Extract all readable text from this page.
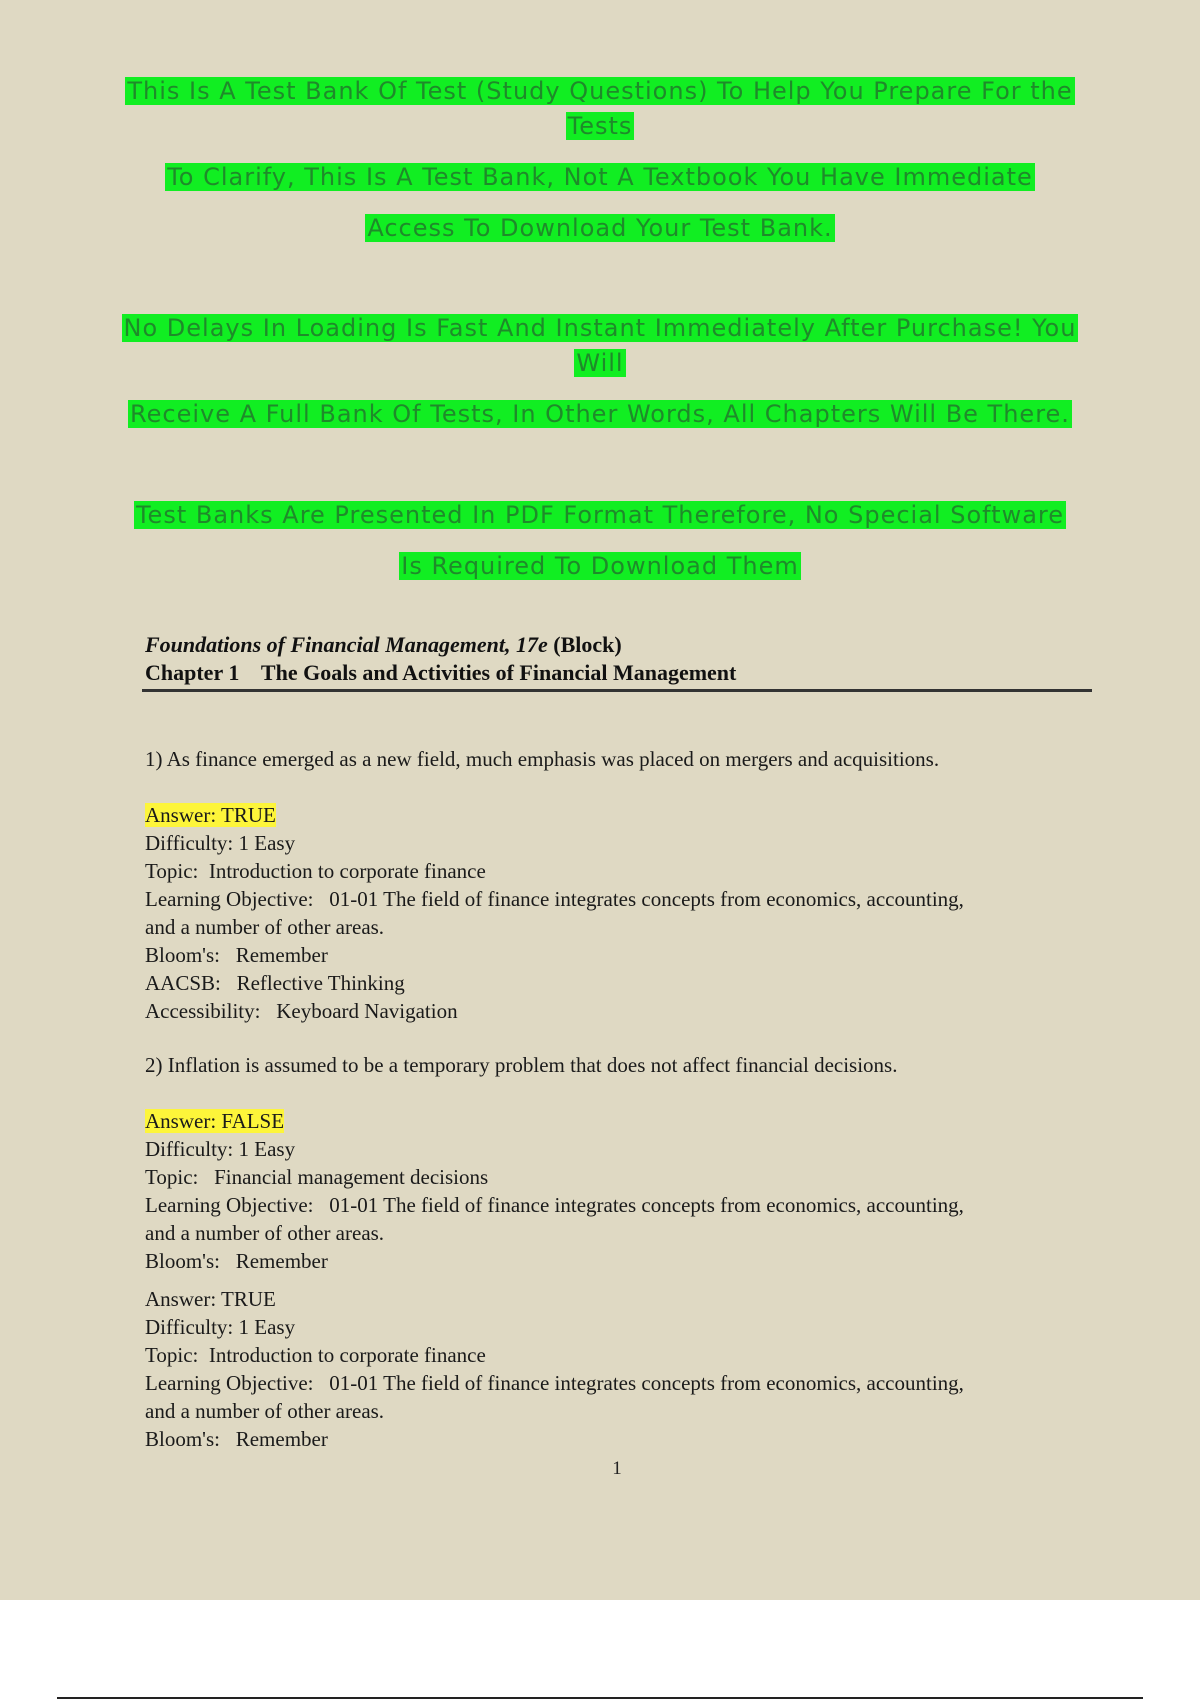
This Is A Test Bank Of Test (Study Questions) To Help You Prepare For the
Tests
To Clarify, This Is A Test Bank, Not A Textbook You Have Immediate
Access To Download Your Test Bank.
No Delays In Loading Is Fast And Instant Immediately After Purchase! You
Will
Receive A Full Bank Of Tests, In Other Words, All Chapters Will Be There.
Test Banks Are Presented In PDF Format Therefore, No Special Software
Is Required To Download Them
Foundations of Financial Management, 17e (Block)
Chapter 1    The Goals and Activities of Financial Management
1) As finance emerged as a new field, much emphasis was placed on mergers and acquisitions.
Answer: TRUE
Difficulty: 1 Easy
Topic:  Introduction to corporate finance
Learning Objective:   01-01 The field of finance integrates concepts from economics, accounting,
and a number of other areas.
Bloom's:   Remember
AACSB:   Reflective Thinking
Accessibility:   Keyboard Navigation
2) Inflation is assumed to be a temporary problem that does not affect financial decisions.
Answer: FALSE
Difficulty: 1 Easy
Topic:   Financial management decisions
Learning Objective:   01-01 The field of finance integrates concepts from economics, accounting,
and a number of other areas.
Bloom's:   Remember
Answer: TRUE
Difficulty: 1 Easy
Topic:  Introduction to corporate finance
Learning Objective:   01-01 The field of finance integrates concepts from economics, accounting,
and a number of other areas.
Bloom's:   Remember
1
